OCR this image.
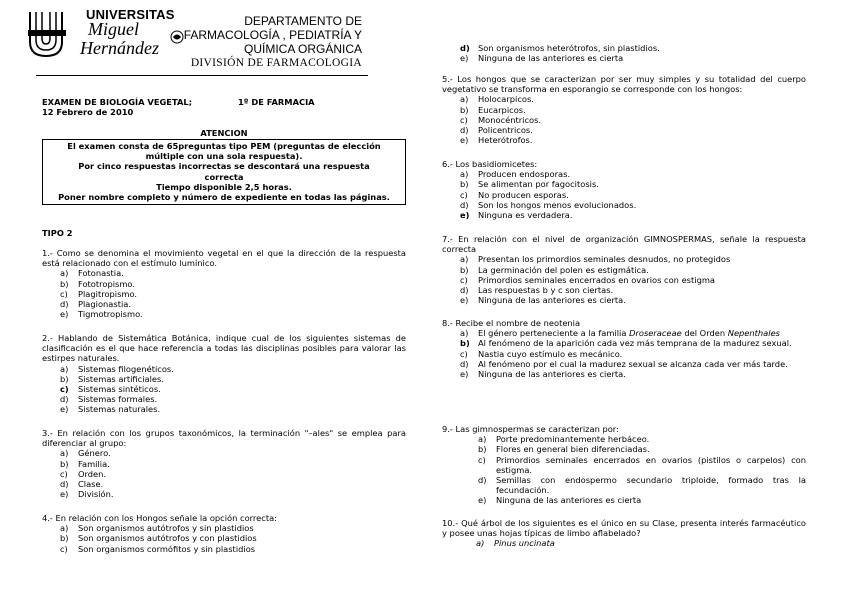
UNIVERSITAS
Miguel
Hernández
DEPARTAMENTO DE
FARMACOLOGÍA , PEDIATRÍA Y
QUÍMICA ORGÁNICA
DIVISIÓN DE FARMACOLOGIA
EXAMEN DE BIOLOGÍA VEGETAL;	1º DE FARMACIA
12 Febrero de 2010
ATENCION
El examen consta de 65preguntas tipo PEM (preguntas de elección
múltiple con una sola respuesta).
Por cinco respuestas incorrectas se descontará una respuesta
correcta
Tiempo disponible 2,5 horas.
Poner nombre completo y número de expediente en todas las páginas.
TIPO 2

1.- Como se denomina el movimiento vegetal en el que la dirección de la respuesta está relacionado con el estímulo lumínico.

a) Fotonastia.
b) Fototropismo.
c) Plagitropismo.
d) Plagionastia.
e) Tigmotropismo.

2.- Hablando de Sistemática Botánica, indique cual de los siguientes sistemas de clasificación es el que hace referencia a todas las disciplinas posibles para valorar las estirpes naturales.

a) Sistemas filogenéticos.
b) Sistemas artificiales.
c) Sistemas sintéticos.
d) Sistemas formales.
e) Sistemas naturales.

3.- En relación con los grupos taxonómicos, la terminación "–ales" se emplea para diferenciar al grupo:

a) Género.
b) Familia.
c) Orden.
d) Clase.
e) División.

4.- En relación con los Hongos señale la opción correcta:

a) Son organismos autótrofos y sin plastidios
b) Son organismos autótrofos y con plastidios
c) Son organismos cormófitos y sin plastidios
d) Son organismos heterótrofos, sin plastidios.
e) Ninguna de las anteriores es cierta

5.- Los hongos que se caracterizan por ser muy simples y su totalidad del cuerpo vegetativo se transforma en esporangio se corresponde con los hongos:

a) Holocarpicos.
b) Eucarpicos.
c) Monocéntricos.
d) Policentricos.
e) Heterótrofos.

6.- Los basidiomicetes:

a) Producen endosporas.
b) Se alimentan por fagocitosis.
c) No producen esporas.
d) Son los hongos menos evolucionados.
e) Ninguna es verdadera.

7.- En relación con el nivel de organización GIMNOSPERMAS, señale la respuesta correcta

a) Presentan los primordios seminales desnudos, no protegidos
b) La germinación del polen es estigmática.
c) Primordios seminales encerrados en ovarios con estigma
d) Las respuestas b y c son ciertas.
e) Ninguna de las anteriores es cierta.

8.- Recibe el nombre de neotenia

a) El género perteneciente a la familia Droseraceae del Orden Nepenthales
b) Al fenómeno de la aparición cada vez más temprana de la madurez sexual.
c) Nastia cuyo estímulo es mecánico.
d) Al fenómeno por el cual la madurez sexual se alcanza cada ver más tarde.
e) Ninguna de las anteriores es cierta.

9.- Las gimnospermas se caracterizan por:

a) Porte predominantemente herbáceo.
b) Flores en general bien diferenciadas.
c) Primordios seminales encerrados en ovarios (pistilos o carpelos) con estigma.
d) Semillas con endospermo secundario triploide, formado tras la fecundación.
e) Ninguna de las anteriores es cierta

10.- Qué árbol de los siguientes es el único en su Clase, presenta interés farmacéutico y posee unas hojas típicas de limbo aflabelado?

a) Pinus uncinata
